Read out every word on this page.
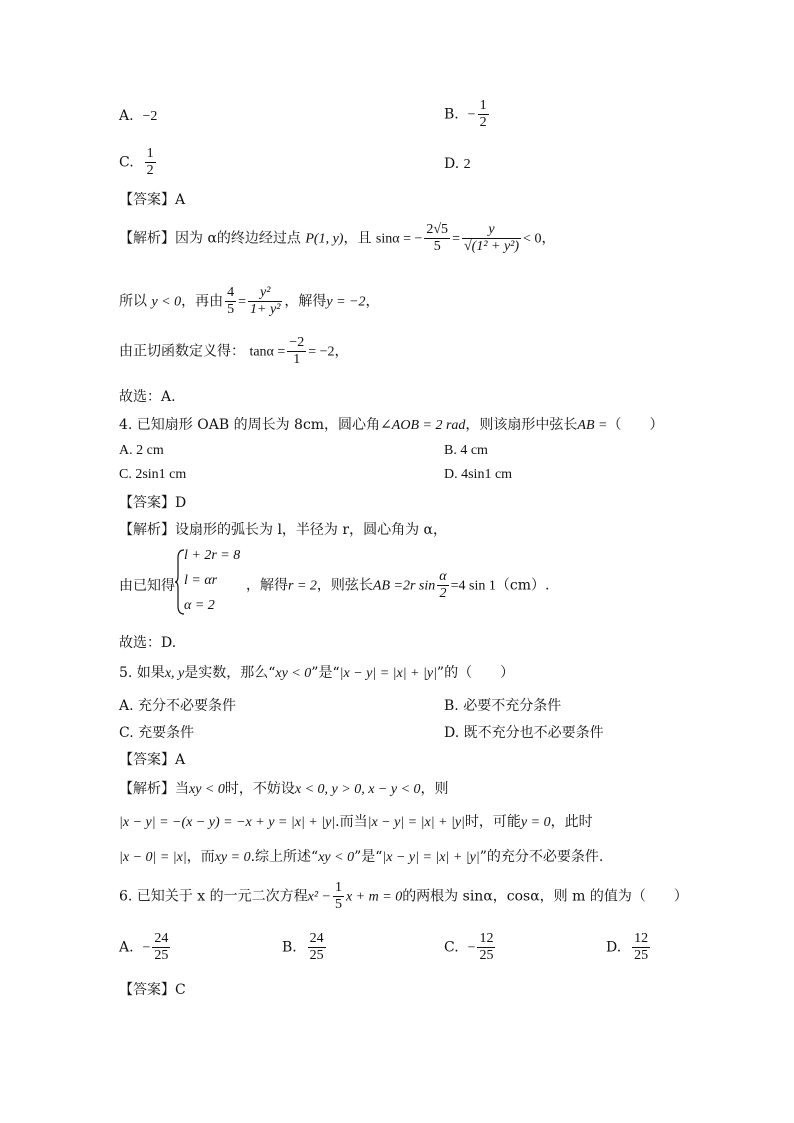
A. −2	B. − $\frac{1}{2}$
C. $\frac{1}{2}$	D. 2
【答案】A
【解析】因为 α的终边经过点 P(1, y)，且 sinα = − $\frac{2√5}{5} = \frac{y}{\text{√(1² + y²)}} < 0$，
所以 y < 0，再由 $\frac{4}{5} = \frac{\text{y²}}{\text{1+ y²}}$ ，解得y = −2，
由正切函数定义得： $\tan\alpha = \frac{-2}{1} = -2$，
故选：A.
4. 已知扇形 OAB 的周长为 8cm，圆心角∠AOB = 2 rad，则该扇形中弦长AB =（　　）
A. 2 cm	B. 4 cm
C. 2sin1 cm	D. 4sin1 cm
【答案】D
【解析】设扇形的弧长为 l，半径为 r，圆心角为 α，
由已知得
l + 2r = 8
l = αr
α = 2
，解得r = 2，则弦长AB =2r $\sin \frac{\alpha}{2} =4$ sin 1（cm）.
故选：D.
5. 如果x, y是实数，那么“xy < 0”是“|x − y| = |x| + |y|”的（　　）
A. 充分不必要条件	B. 必要不充分条件
C. 充要条件	D. 既不充分也不必要条件
【答案】A
【解析】当xy < 0时，不妨设x < 0, y > 0, x − y < 0，则
|x − y| = −(x − y) = −x + y = |x| + |y|.而当|x − y| = |x| + |y|时，可能y = 0，此时
|x − 0| = |x|，而xy = 0.综上所述“xy < 0”是“|x − y| = |x| + |y|”的充分不必要条件.
6. 已知关于 x 的一元二次方程$x^2 - \frac{1}{5}$ x + m = 0的两根为 sinα，cosα，则 m 的值为（　　）
A. − $\frac{24}{25}$	B. $\frac{24}{25}$	C. − $\frac{12}{25}$	D. $\frac{12}{25}$
【答案】C
